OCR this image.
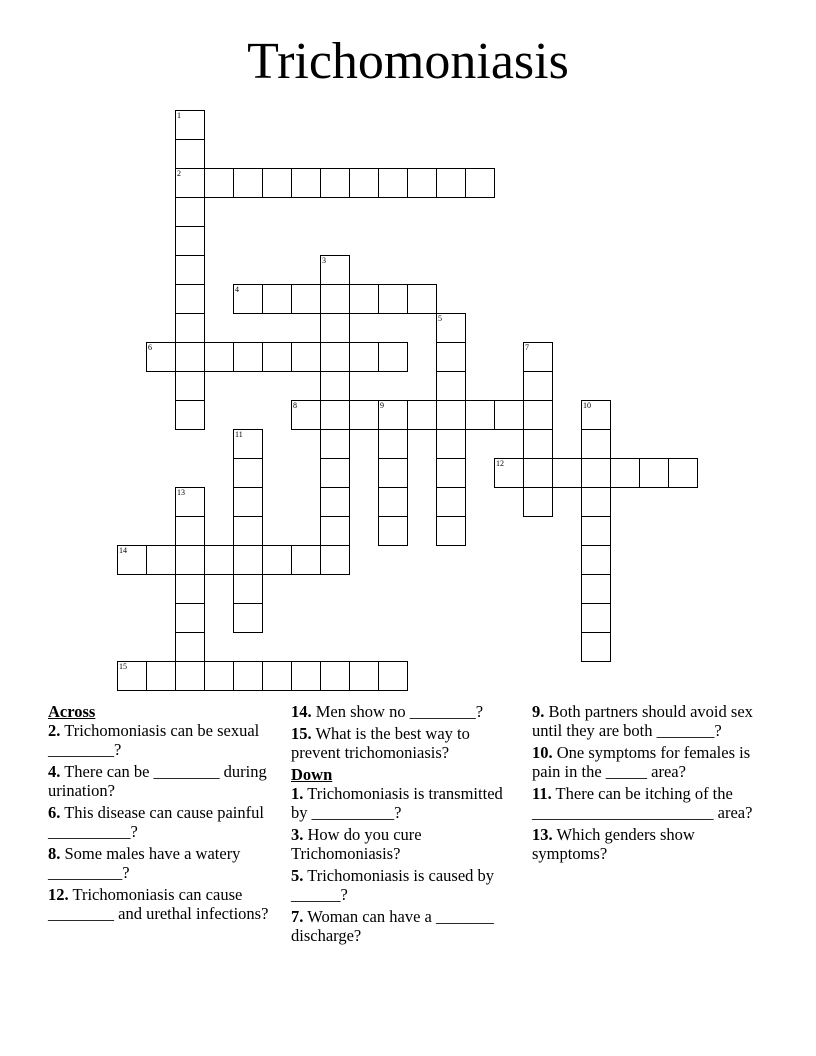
Trichomoniasis
1
2
3
4
5
6	7
8	9	10
11
12
13
14
15
Across
2. Trichomoniasis can be sexual ________?
4. There can be ________ during urination?
6. This disease can cause painful __________?
8. Some males have a watery _________?
12. Trichomoniasis can cause ________ and urethal infections?
14. Men show no ________?
15. What is the best way to prevent trichomoniasis?
Down
1. Trichomoniasis is transmitted by __________?
3. How do you cure Trichomoniasis?
5. Trichomoniasis is caused by ______?
7. Woman can have a _______ discharge?
9. Both partners should avoid sex until they are both _______?
10. One symptoms for females is pain in the _____ area?
11. There can be itching of the ______________________ area?
13. Which genders show symptoms?
